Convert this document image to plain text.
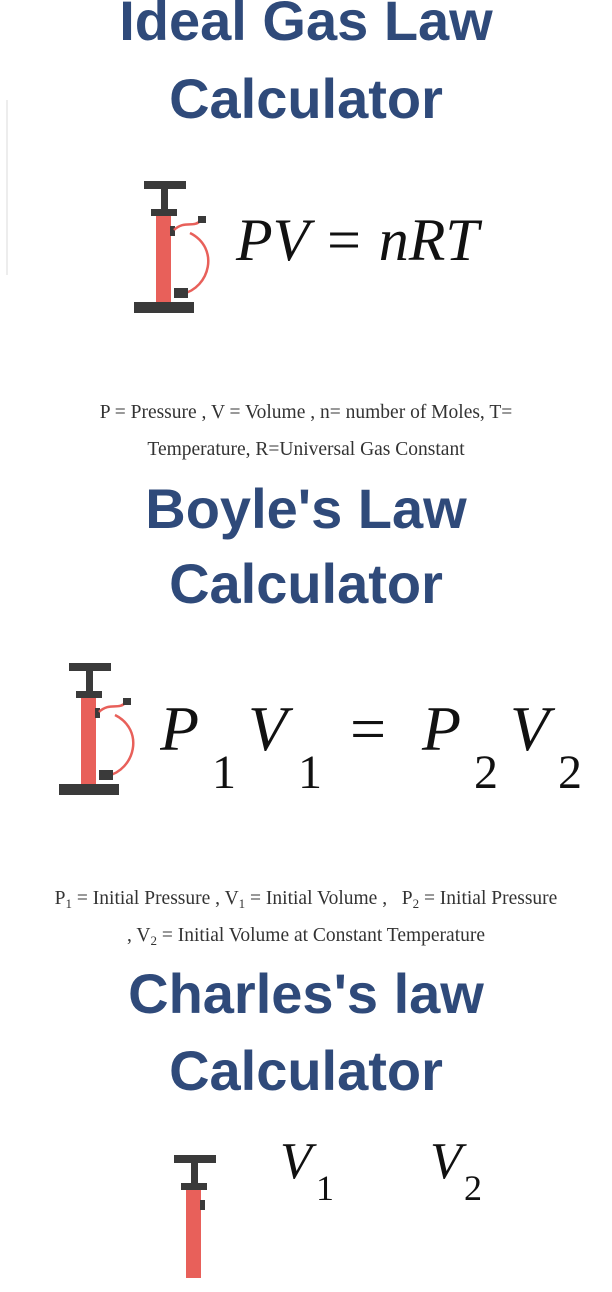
Ideal Gas Law
Calculator
PV = nRT
P = Pressure , V = Volume , n= number of Moles, T=
Temperature, R=Universal Gas Constant
Boyle's Law
Calculator
P
1
V
1
= P
2
V
2
$P_1$ = Initial Pressure , $V_1$ = Initial Volume , $P_2$ = Initial Pressure
, $V_2$ = Initial Volume at Constant Temperature
Charles's law
Calculator
V 1 V 2
